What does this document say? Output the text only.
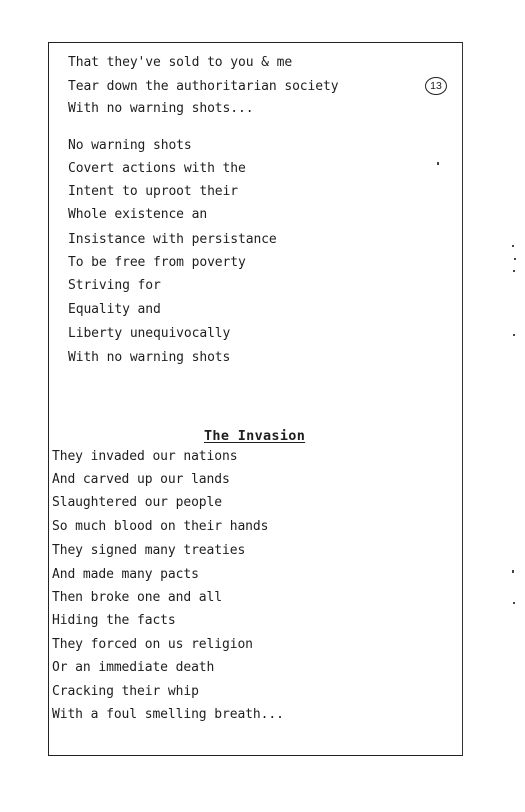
13
That they've sold to you & me
Tear down the authoritarian society
With no warning shots...
No warning shots
Covert actions with the
Intent to uproot their
Whole existence an
Insistance with persistance
To be free from poverty
Striving for
Equality and
Liberty unequivocally
With no warning shots
The Invasion
They invaded our nations
And carved up our lands
Slaughtered our people
So much blood on their hands
They signed many treaties
And made many pacts
Then broke one and all
Hiding the facts
They forced on us religion
Or an immediate death
Cracking their whip
With a foul smelling breath...
